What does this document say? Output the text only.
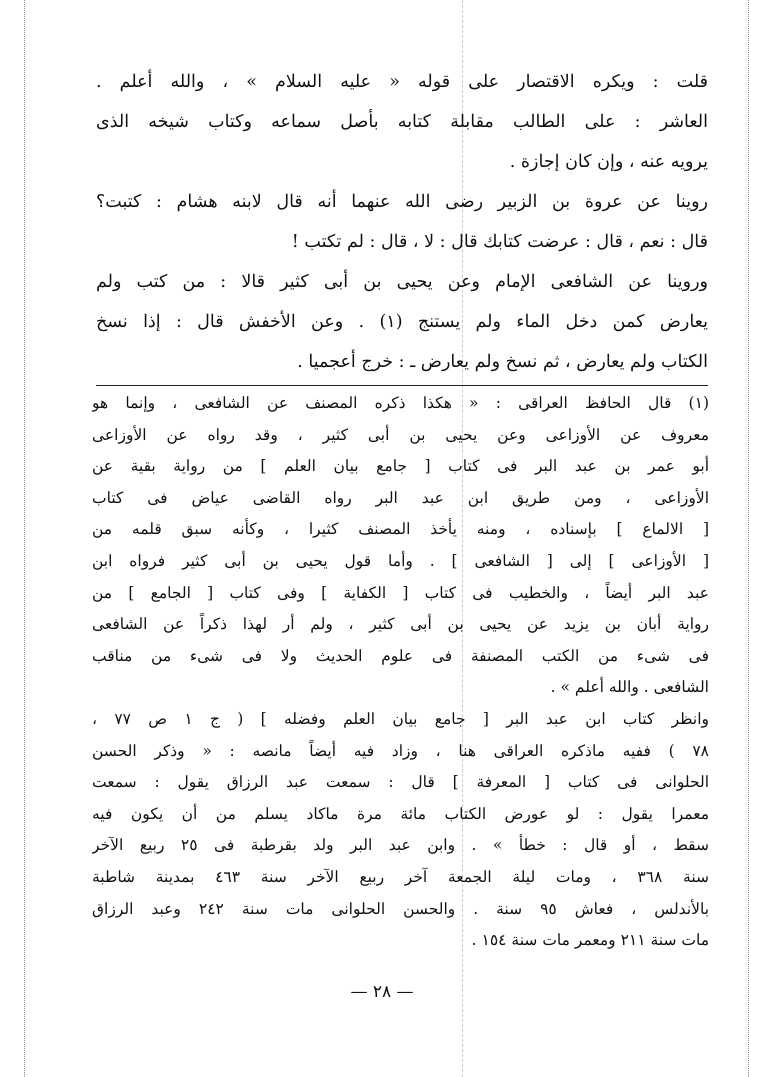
قلت : ويكره الاقتصار على قوله « عليه السلام » ، والله أعلم .
العاشر : على الطالب مقابلة كتابه بأصل سماعه وكتاب شيخه الذى
يرويه عنه ، وإن كان إجازة .
روينا عن عروة بن الزبير رضى الله عنهما أنه قال لابنه هشام : كتبت؟
قال : نعم ، قال : عرضت كتابك قال : لا ، قال : لم تكتب !
وروينا عن الشافعى الإمام وعن يحيى بن أبى كثير قالا : من كتب ولم
يعارض كمن دخل الماء ولم يستنج (١) . وعن الأخفش قال : إذا نسخ
الكتاب ولم يعارض ، ثم نسخ ولم يعارض ـ : خرج أعجميا .
(١) قال الحافظ العراقى : « هكذا ذكره المصنف عن الشافعى ، وإنما هو
معروف عن الأوزاعى وعن يحيى بن أبى كثير ، وقد رواه عن الأوزاعى
أبو عمر بن عبد البر فى كتاب [ جامع بيان العلم ] من رواية بقية عن
الأوزاعى ، ومن طريق ابن عبد البر رواه القاضى عياض فى كتاب
[ الالماع ] بإسناده ، ومنه يأخذ المصنف كثيرا ، وكأنه سبق قلمه من
[ الأوزاعى ] إلى [ الشافعى ] . وأما قول يحيى بن أبى كثير فرواه ابن
عبد البر أيضاً ، والخطيب فى كتاب [ الكفاية ] وفى كتاب [ الجامع ] من
رواية أبان بن يزيد عن يحيى بن أبى كثير ، ولم أر لهذا ذكراً عن الشافعى
فى شىء من الكتب المصنفة فى علوم الحديث ولا فى شىء من مناقب
الشافعى . والله أعلم » .
وانظر كتاب ابن عبد البر [ جامع بيان العلم وفضله ] ( ج ١ ص ٧٧ ،
٧٨ ) ففيه ماذكره العراقى هنا ، وزاد فيه أيضاً مانصه : « وذكر الحسن
الحلوانى فى كتاب [ المعرفة ] قال : سمعت عبد الرزاق يقول : سمعت
معمرا يقول : لو عورض الكتاب مائة مرة ماكاد يسلم من أن يكون فيه
سقط ، أو قال : خطأ » . وابن عبد البر ولد بقرطبة فى ٢٥ ربيع الآخر
سنة ٣٦٨ ، ومات ليلة الجمعة آخر ربيع الآخر سنة ٤٦٣ بمدينة شاطبة
بالأندلس ، فعاش ٩٥ سنة . والحسن الحلوانى مات سنة ٢٤٢ وعبد الرزاق
مات سنة ٢١١ ومعمر مات سنة ١٥٤ .
— ٢٨ —
